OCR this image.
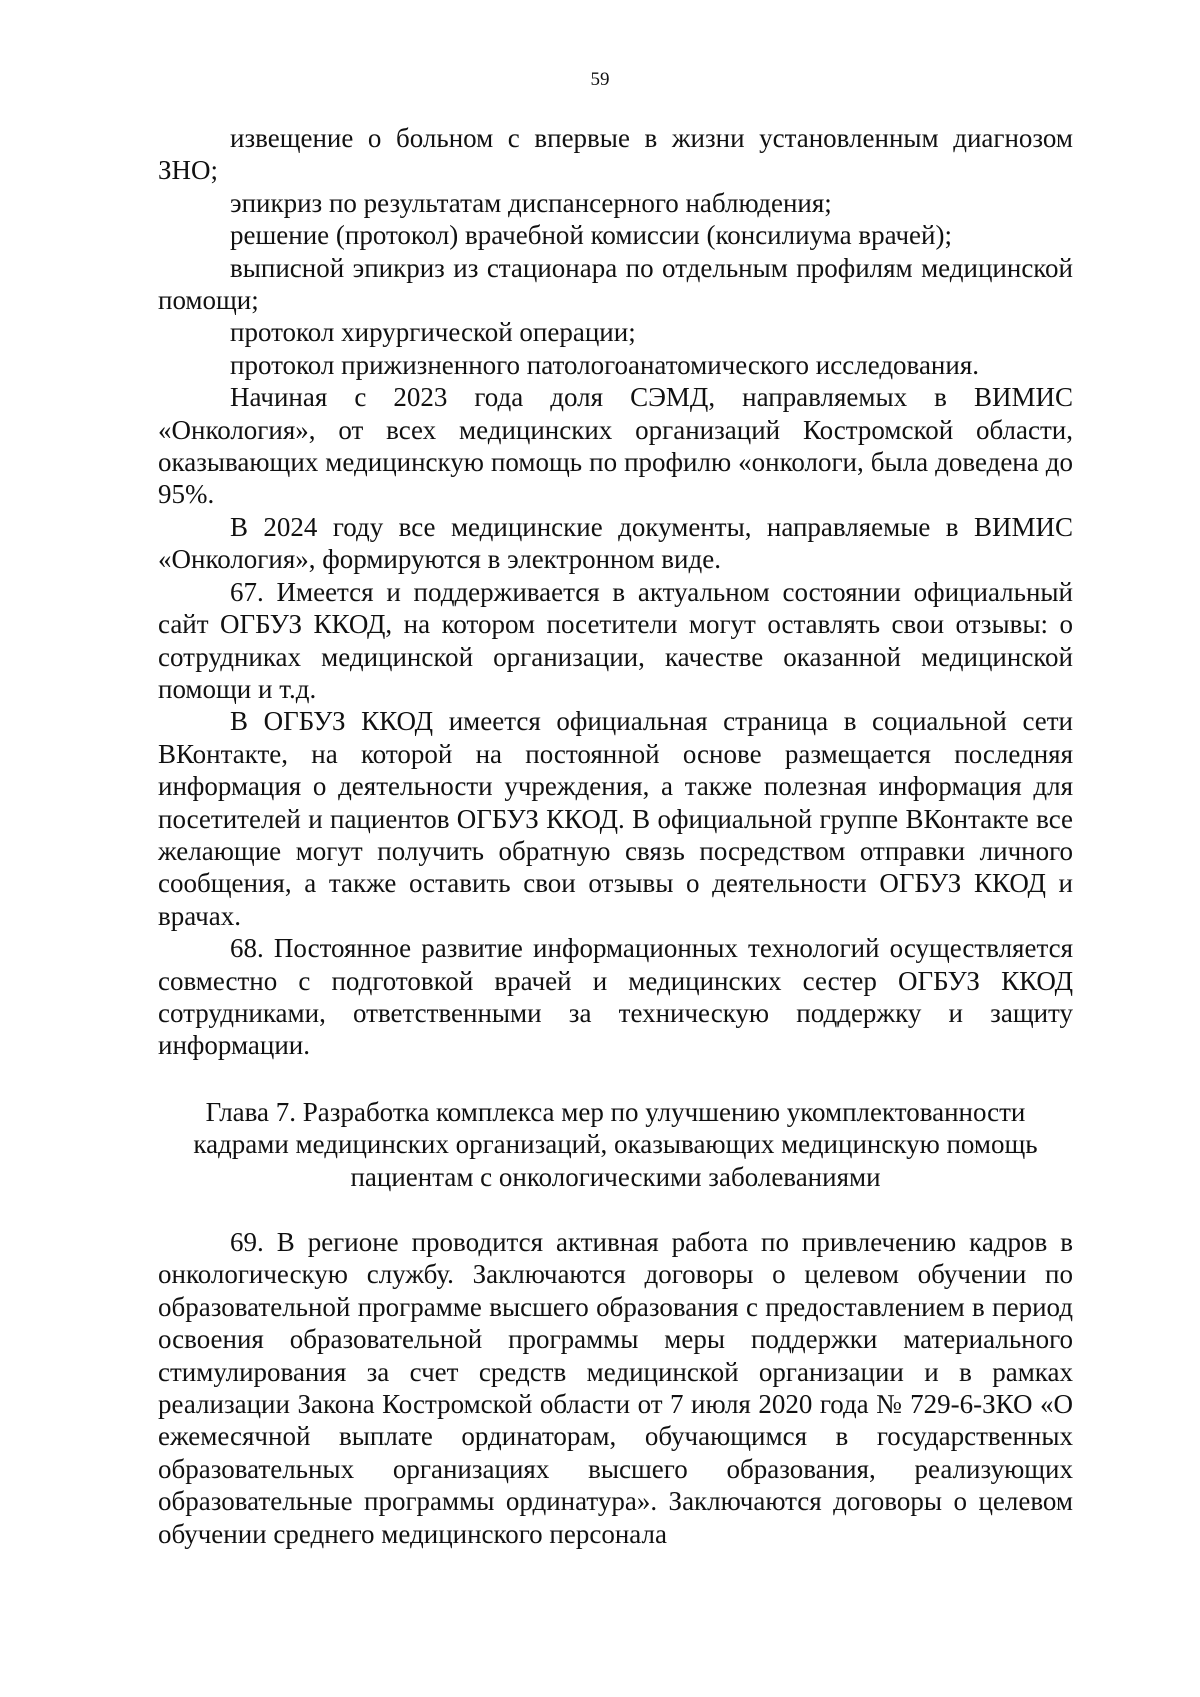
59

извещение о больном с впервые в жизни установленным диагнозом ЗНО;

эпикриз по результатам диспансерного наблюдения;

решение (протокол) врачебной комиссии (консилиума врачей);

выписной эпикриз из стационара по отдельным профилям медицинской помощи;

протокол хирургической операции;

протокол прижизненного патологоанатомического исследования.

Начиная с 2023 года доля СЭМД, направляемых в ВИМИС «Онкология», от всех медицинских организаций Костромской области, оказывающих медицинскую помощь по профилю «онкологи, была доведена до 95%.

В 2024 году все медицинские документы, направляемые в ВИМИС «Онкология», формируются в электронном виде.

67. Имеется и поддерживается в актуальном состоянии официальный сайт ОГБУЗ ККОД, на котором посетители могут оставлять свои отзывы: о сотрудниках медицинской организации, качестве оказанной медицинской помощи и т.д.

В ОГБУЗ ККОД имеется официальная страница в социальной сети ВКонтакте, на которой на постоянной основе размещается последняя информация о деятельности учреждения, а также полезная информация для посетителей и пациентов ОГБУЗ ККОД. В официальной группе ВКонтакте все желающие могут получить обратную связь посредством отправки личного сообщения, а также оставить свои отзывы о деятельности ОГБУЗ ККОД и врачах.

68. Постоянное развитие информационных технологий осуществляется совместно с подготовкой врачей и медицинских сестер ОГБУЗ ККОД сотрудниками, ответственными за техническую поддержку и защиту информации.

Глава 7. Разработка комплекса мер по улучшению укомплектованности
кадрами медицинских организаций, оказывающих медицинскую помощь
пациентам с онкологическими заболеваниями

69. В регионе проводится активная работа по привлечению кадров в онкологическую службу. Заключаются договоры о целевом обучении по образовательной программе высшего образования с предоставлением в период освоения образовательной программы меры поддержки материального стимулирования за счет средств медицинской организации и в рамках реализации Закона Костромской области от 7 июля 2020 года № 729-6-ЗКО «О ежемесячной выплате ординаторам, обучающимся в государственных образовательных организациях высшего образования, реализующих образовательные программы ординатура». Заключаются договоры о целевом обучении среднего медицинского персонала
